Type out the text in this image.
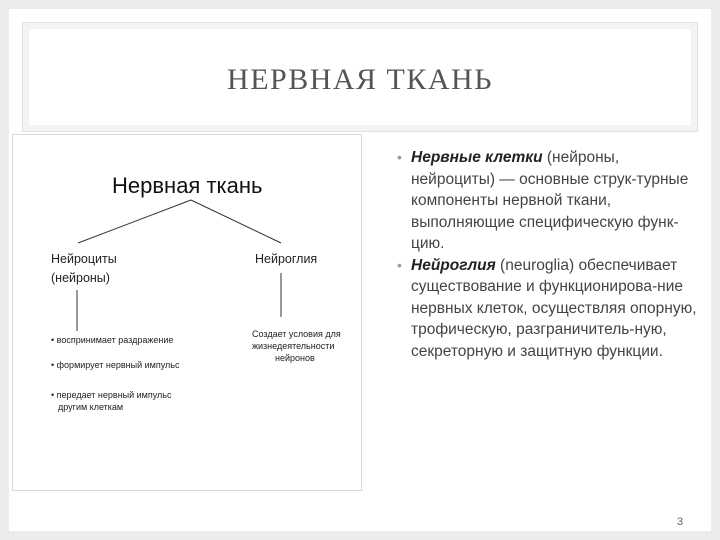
НЕРВНАЯ ТКАНЬ
Нервная ткань
Нейроциты
(нейроны)
Нейроглия
• воспринимает раздражение
• формирует нервный импульс
• передает нервный импульс
другим клеткам
Создает условия для
жизнедеятельности
нейронов
• Нервные клетки (нейроны, нейроциты) — основные струк-турные компоненты нервной ткани, выполняющие специфическую функ-цию.
• Нейроглия (neuroglia) обеспечивает существование и функционирова-ние нервных клеток, осуществляя опорную, трофическую, разграничитель-ную, секреторную и защитную функции.
3
